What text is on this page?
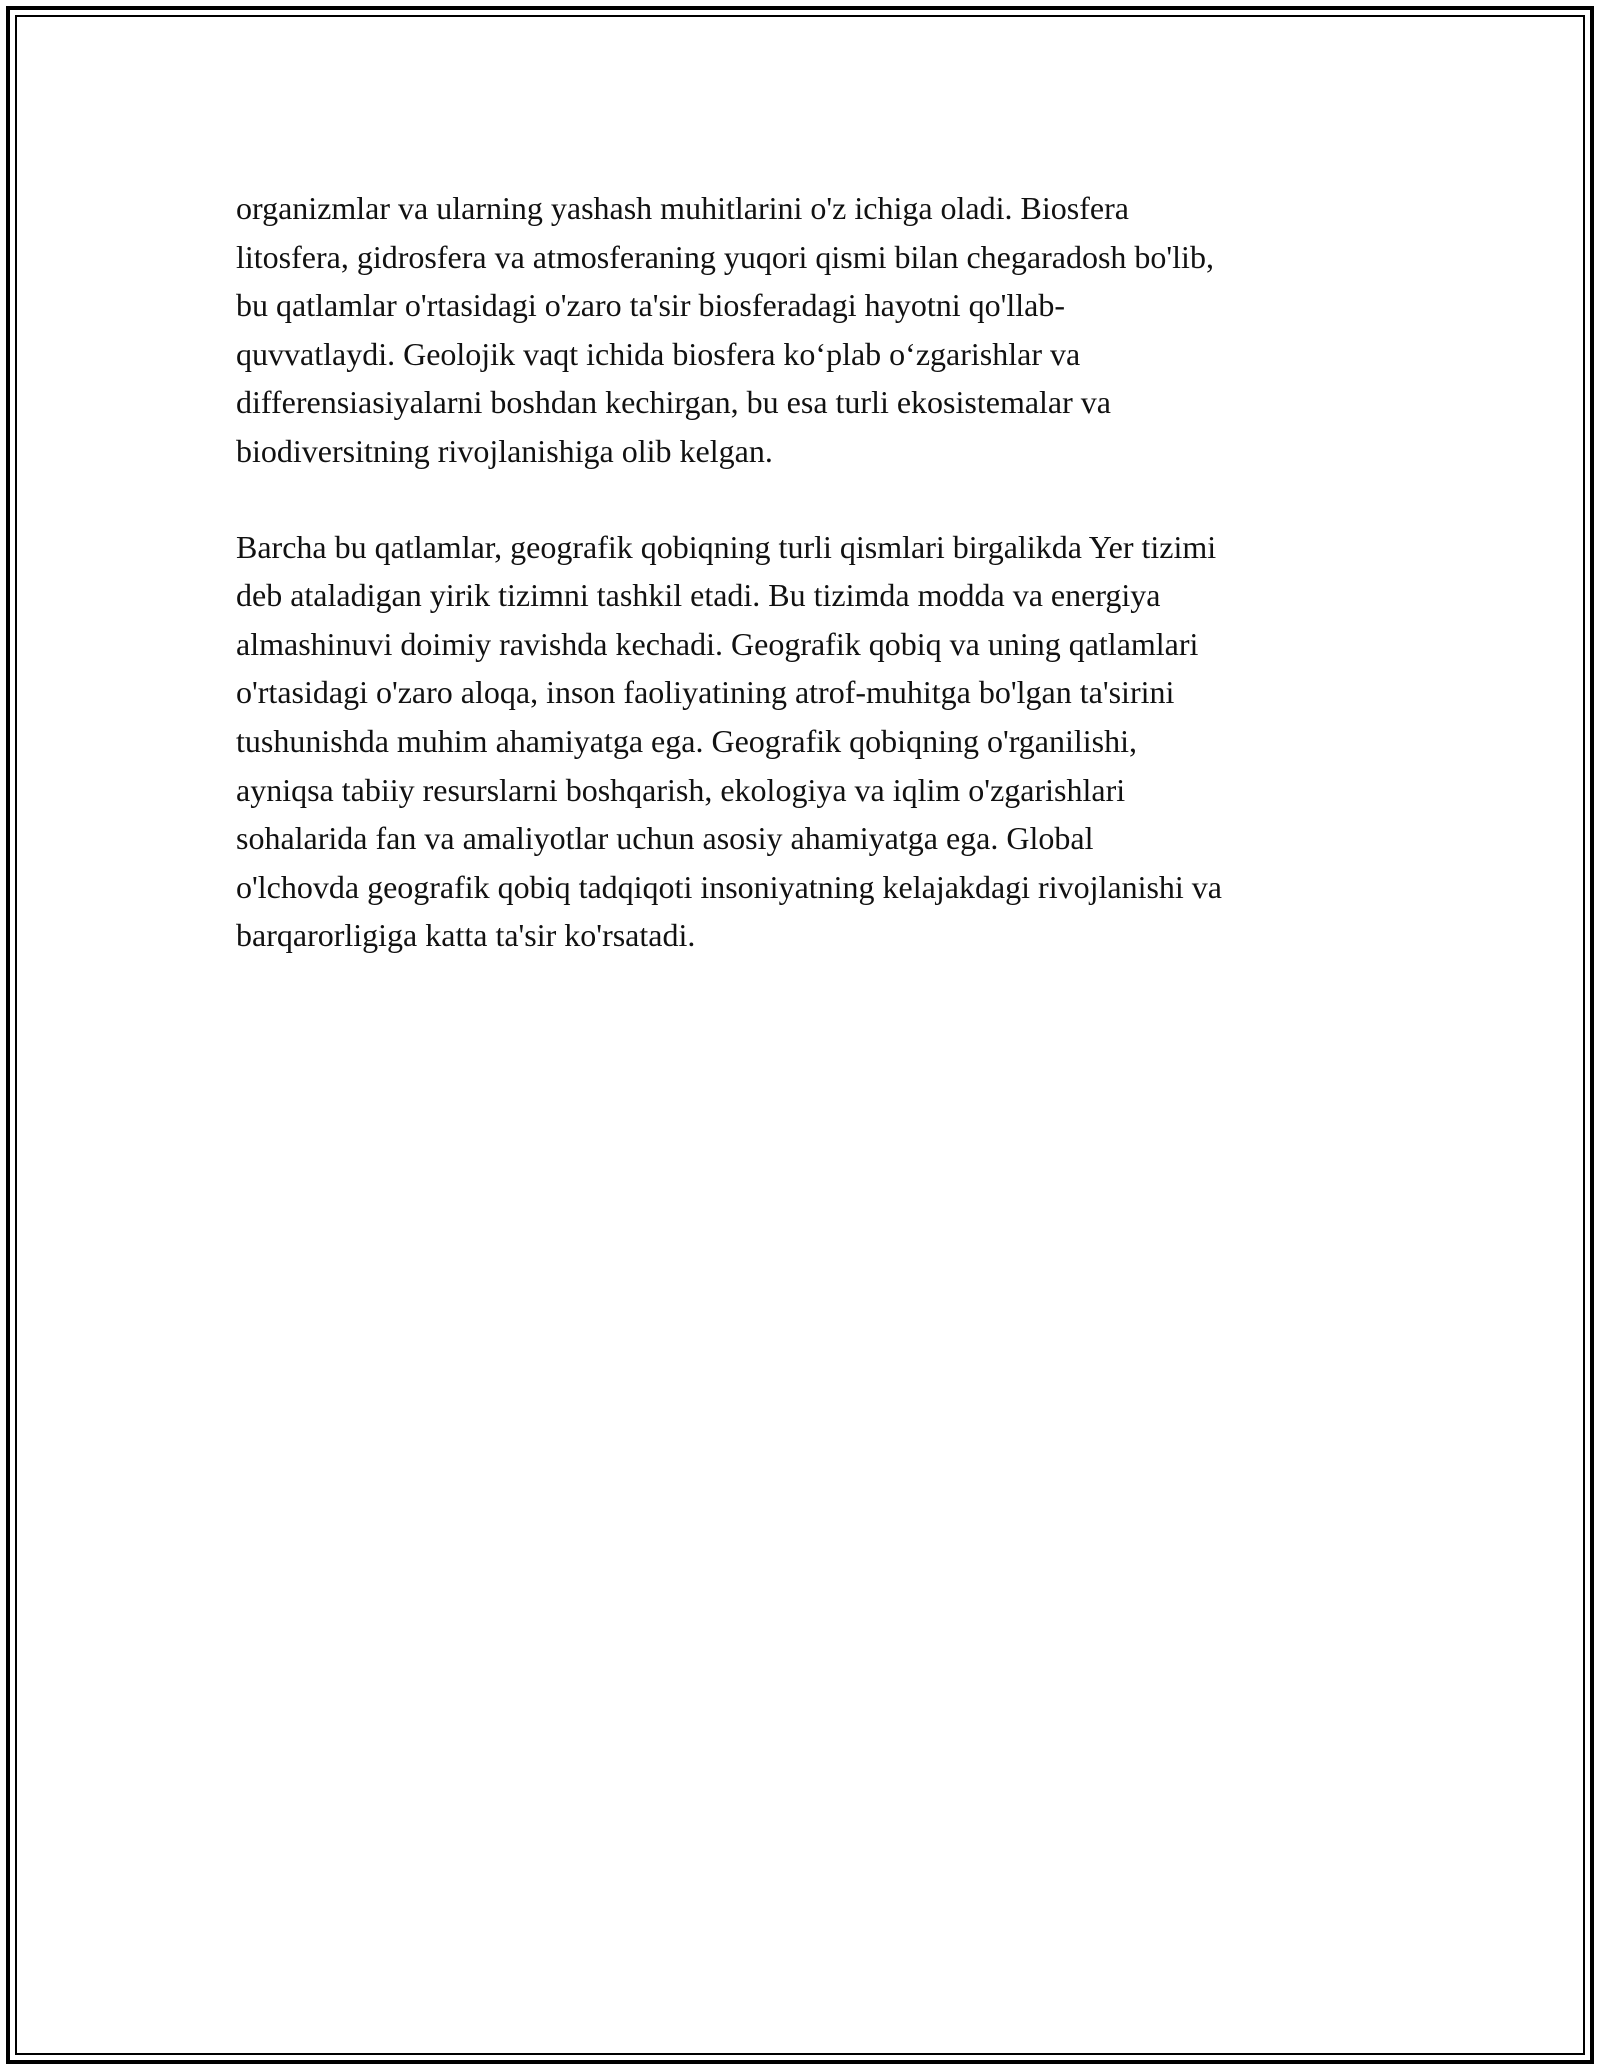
organizmlar va ularning yashash muhitlarini o'z ichiga oladi. Biosfera
litosfera, gidrosfera va atmosferaning yuqori qismi bilan chegaradosh bo'lib,
bu qatlamlar o'rtasidagi o'zaro ta'sir biosferadagi hayotni qo'llab-
quvvatlaydi. Geolojik vaqt ichida biosfera ko‘plab o‘zgarishlar va
differensiasiyalarni boshdan kechirgan, bu esa turli ekosistemalar va
biodiversitning rivojlanishiga olib kelgan.

Barcha bu qatlamlar, geografik qobiqning turli qismlari birgalikda Yer tizimi
deb ataladigan yirik tizimni tashkil etadi. Bu tizimda modda va energiya
almashinuvi doimiy ravishda kechadi. Geografik qobiq va uning qatlamlari
o'rtasidagi o'zaro aloqa, inson faoliyatining atrof-muhitga bo'lgan ta'sirini
tushunishda muhim ahamiyatga ega. Geografik qobiqning o'rganilishi,
ayniqsa tabiiy resurslarni boshqarish, ekologiya va iqlim o'zgarishlari
sohalarida fan va amaliyotlar uchun asosiy ahamiyatga ega. Global
o'lchovda geografik qobiq tadqiqoti insoniyatning kelajakdagi rivojlanishi va
barqarorligiga katta ta'sir ko'rsatadi.
